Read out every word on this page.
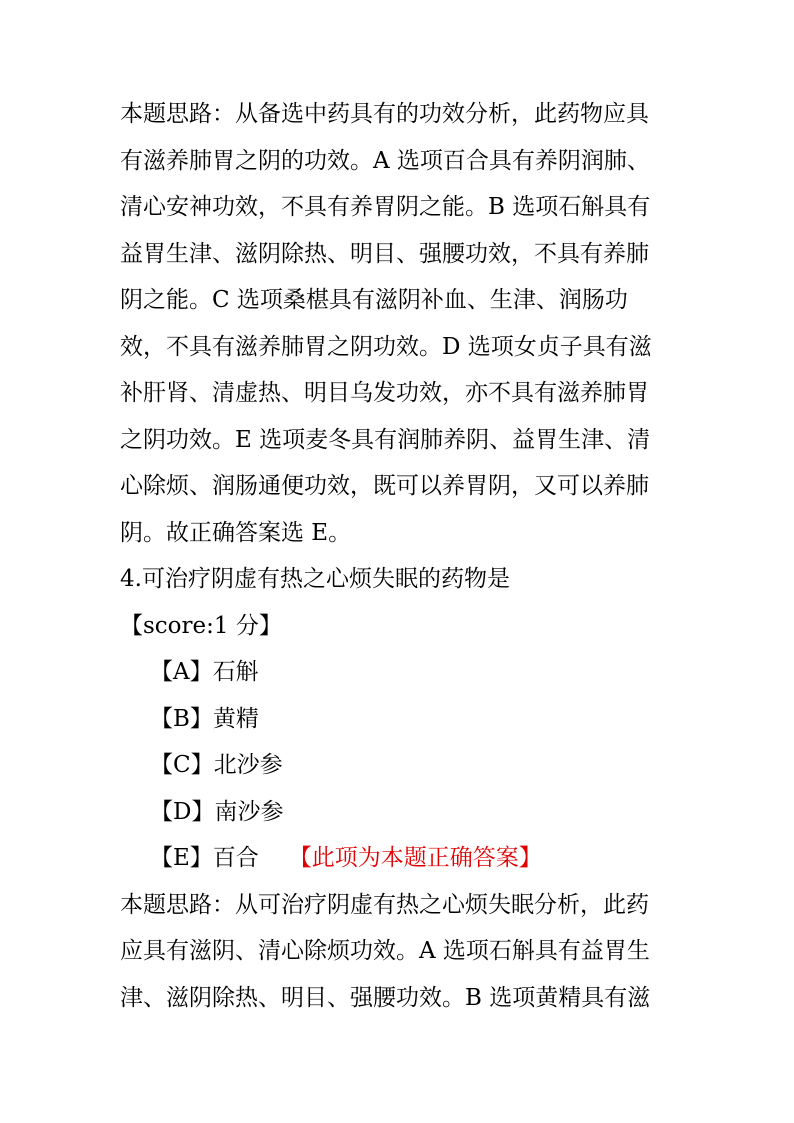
本题思路：从备选中药具有的功效分析，此药物应具
有滋养肺胃之阴的功效。A 选项百合具有养阴润肺、
清心安神功效，不具有养胃阴之能。B 选项石斛具有
益胃生津、滋阴除热、明目、强腰功效，不具有养肺
阴之能。C 选项桑椹具有滋阴补血、生津、润肠功
效，不具有滋养肺胃之阴功效。D 选项女贞子具有滋
补肝肾、清虚热、明目乌发功效，亦不具有滋养肺胃
之阴功效。E 选项麦冬具有润肺养阴、益胃生津、清
心除烦、润肠通便功效，既可以养胃阴，又可以养肺
阴。故正确答案选 E。
4.可治疗阴虚有热之心烦失眠的药物是
【score:1 分】
【A】石斛
【B】黄精
【C】北沙参
【D】南沙参
【E】百合 【此项为本题正确答案】
本题思路：从可治疗阴虚有热之心烦失眠分析，此药
应具有滋阴、清心除烦功效。A 选项石斛具有益胃生
津、滋阴除热、明目、强腰功效。B 选项黄精具有滋
